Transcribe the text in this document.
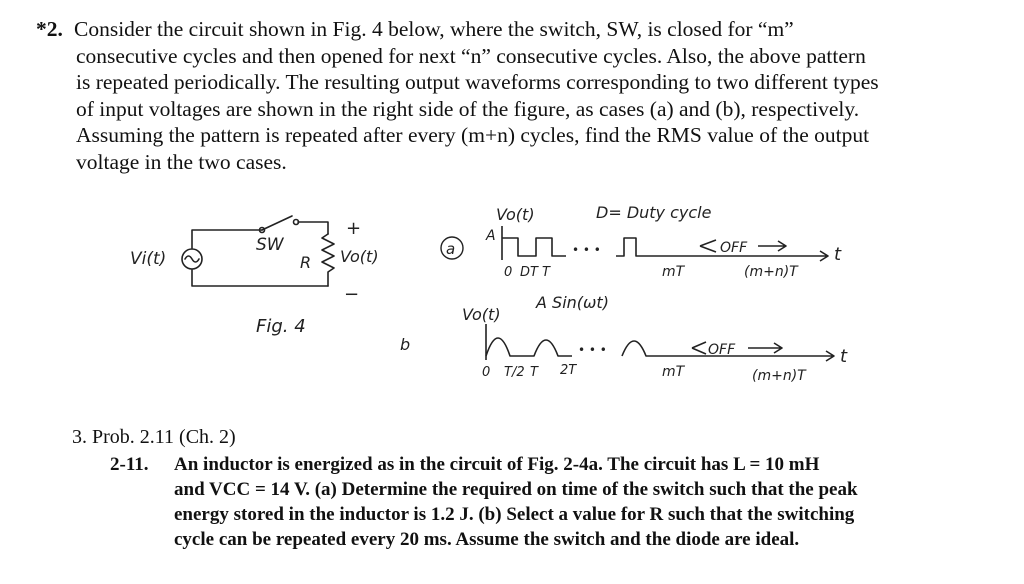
*2. Consider the circuit shown in Fig. 4 below, where the switch, SW, is closed for “m”
consecutive cycles and then opened for next “n” consecutive cycles. Also, the above pattern
is repeated periodically. The resulting output waveforms corresponding to two different types
of input voltages are shown in the right side of the figure, as cases (a) and (b), respectively.
Assuming the pattern is repeated after every (m+n) cycles, find the RMS value of the output
voltage in the two cases.
Vi(t)
SW
R Vo(t)
+
−
Fig. 4
a
Vo(t)
A
D= Duty cycle
• • •	OFF	t
0 DT T	mT	(m+n)T
b
Vo(t)
A Sin(ωt)
• • •	OFF	t
0 T/2 T 2T	mT	(m+n)T
3. Prob. 2.11 (Ch. 2)
2-11.	An inductor is energized as in the circuit of Fig. 2-4a. The circuit has L = 10 mH
and VCC = 14 V. (a) Determine the required on time of the switch such that the peak
energy stored in the inductor is 1.2 J. (b) Select a value for R such that the switching
cycle can be repeated every 20 ms. Assume the switch and the diode are ideal.
